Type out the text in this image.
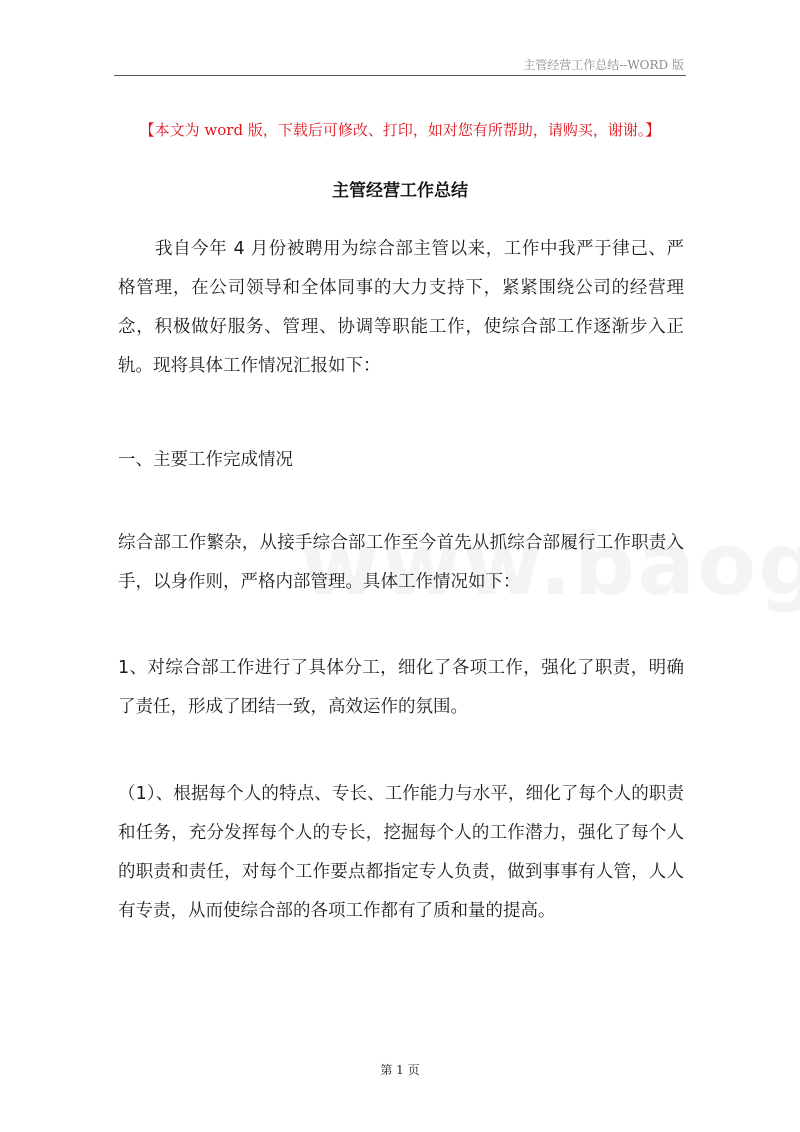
主管经营工作总结--WORD 版
【本文为 word 版，下载后可修改、打印，如对您有所帮助，请购买，谢谢。】
主管经营工作总结

我自今年 4 月份被聘用为综合部主管以来，工作中我严于律己、严格管理，在公司领导和全体同事的大力支持下，紧紧围绕公司的经营理念，积极做好服务、管理、协调等职能工作，使综合部工作逐渐步入正轨。现将具体工作情况汇报如下：

一、主要工作完成情况

综合部工作繁杂，从接手综合部工作至今首先从抓综合部履行工作职责入手，以身作则，严格内部管理。具体工作情况如下：

1、对综合部工作进行了具体分工，细化了各项工作，强化了职责，明确了责任，形成了团结一致，高效运作的氛围。

（1）、根据每个人的特点、专长、工作能力与水平，细化了每个人的职责和任务，充分发挥每个人的专长，挖掘每个人的工作潜力，强化了每个人的职责和责任，对每个工作要点都指定专人负责，做到事事有人管，人人有专责，从而使综合部的各项工作都有了质和量的提高。

第 1 页
